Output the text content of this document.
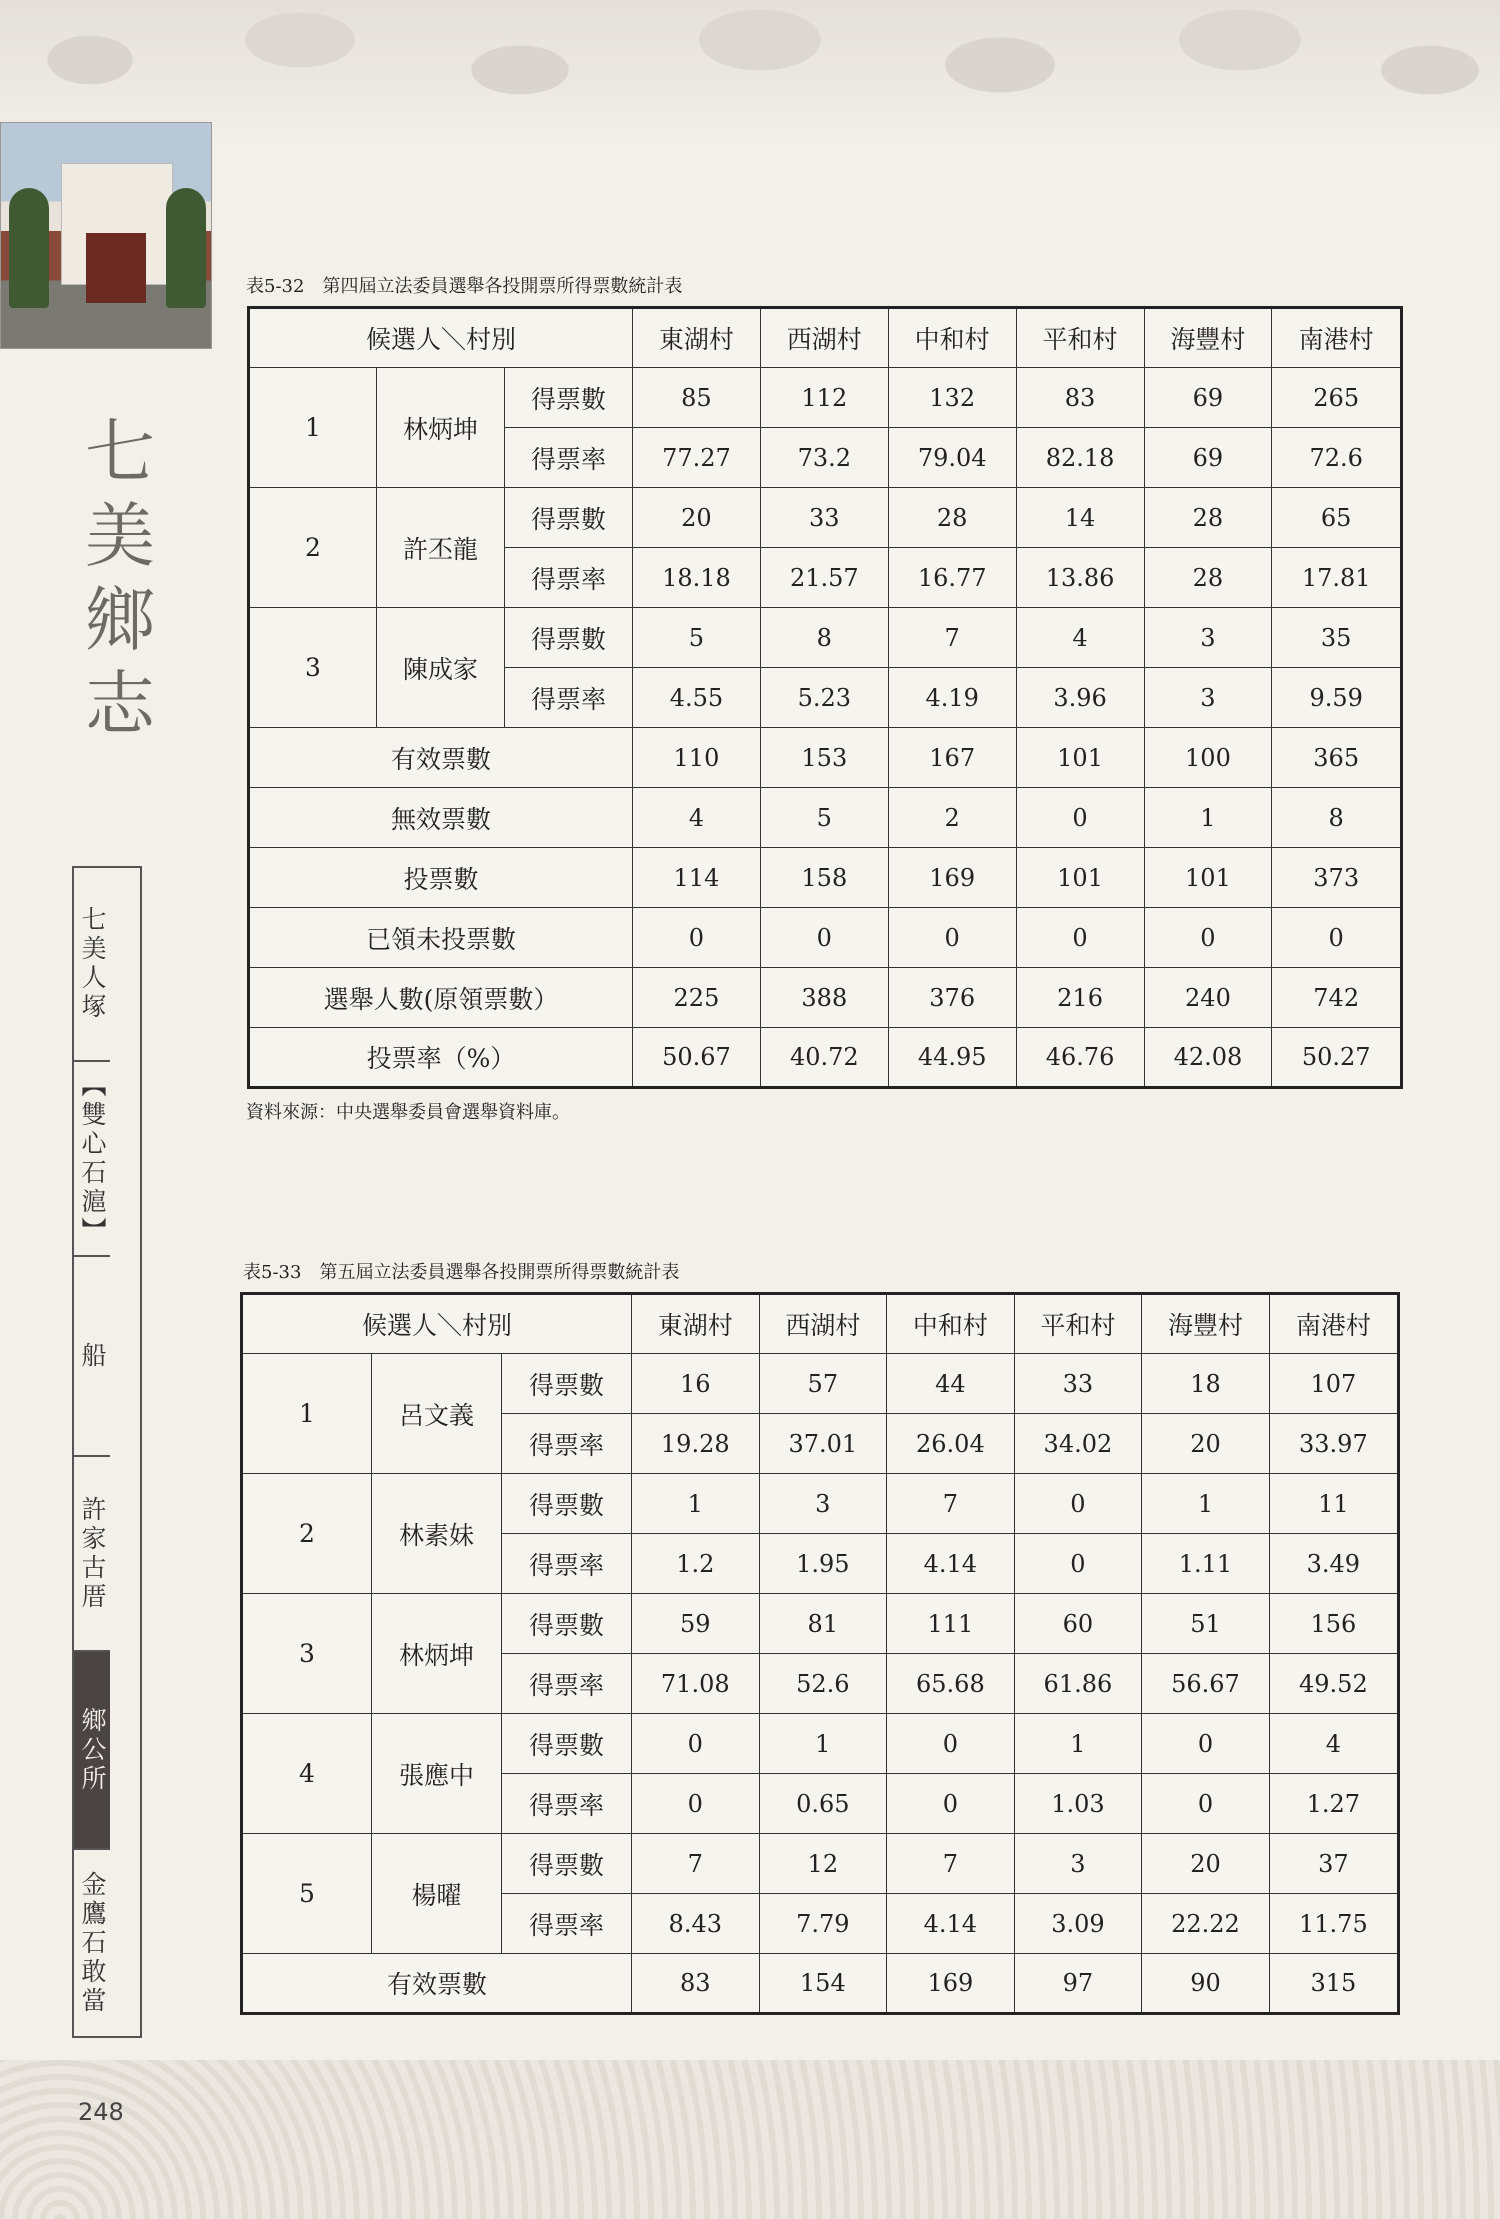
七
美
鄉
志
七美人塚
【雙心石滬】
船
許家古厝
鄉公所
金鷹石敢當
表5-32　第四屆立法委員選舉各投開票所得票數統計表
候選人＼村別			東湖村	西湖村	中和村	平和村	海豐村	南港村
1	林炳坤	得票數	85	112	132	83	69	265
		得票率	77.27	73.2	79.04	82.18	69	72.6
2	許丕龍	得票數	20	33	28	14	28	65
		得票率	18.18	21.57	16.77	13.86	28	17.81
3	陳成家	得票數	5	8	7	4	3	35
		得票率	4.55	5.23	4.19	3.96	3	9.59
有效票數			110	153	167	101	100	365
無效票數			4	5	2	0	1	8
投票數			114	158	169	101	101	373
已領未投票數			0	0	0	0	0	0
選舉人數(原領票數）			225	388	376	216	240	742
投票率（%）			50.67	40.72	44.95	46.76	42.08	50.27
資料來源：中央選舉委員會選舉資料庫。
表5-33　第五屆立法委員選舉各投開票所得票數統計表
候選人＼村別			東湖村	西湖村	中和村	平和村	海豐村	南港村
1	呂文義	得票數	16	57	44	33	18	107
		得票率	19.28	37.01	26.04	34.02	20	33.97
2	林素妹	得票數	1	3	7	0	1	11
		得票率	1.2	1.95	4.14	0	1.11	3.49
3	林炳坤	得票數	59	81	111	60	51	156
		得票率	71.08	52.6	65.68	61.86	56.67	49.52
4	張應中	得票數	0	1	0	1	0	4
		得票率	0	0.65	0	1.03	0	1.27
5	楊曜	得票數	7	12	7	3	20	37
		得票率	8.43	7.79	4.14	3.09	22.22	11.75
有效票數			83	154	169	97	90	315
248
